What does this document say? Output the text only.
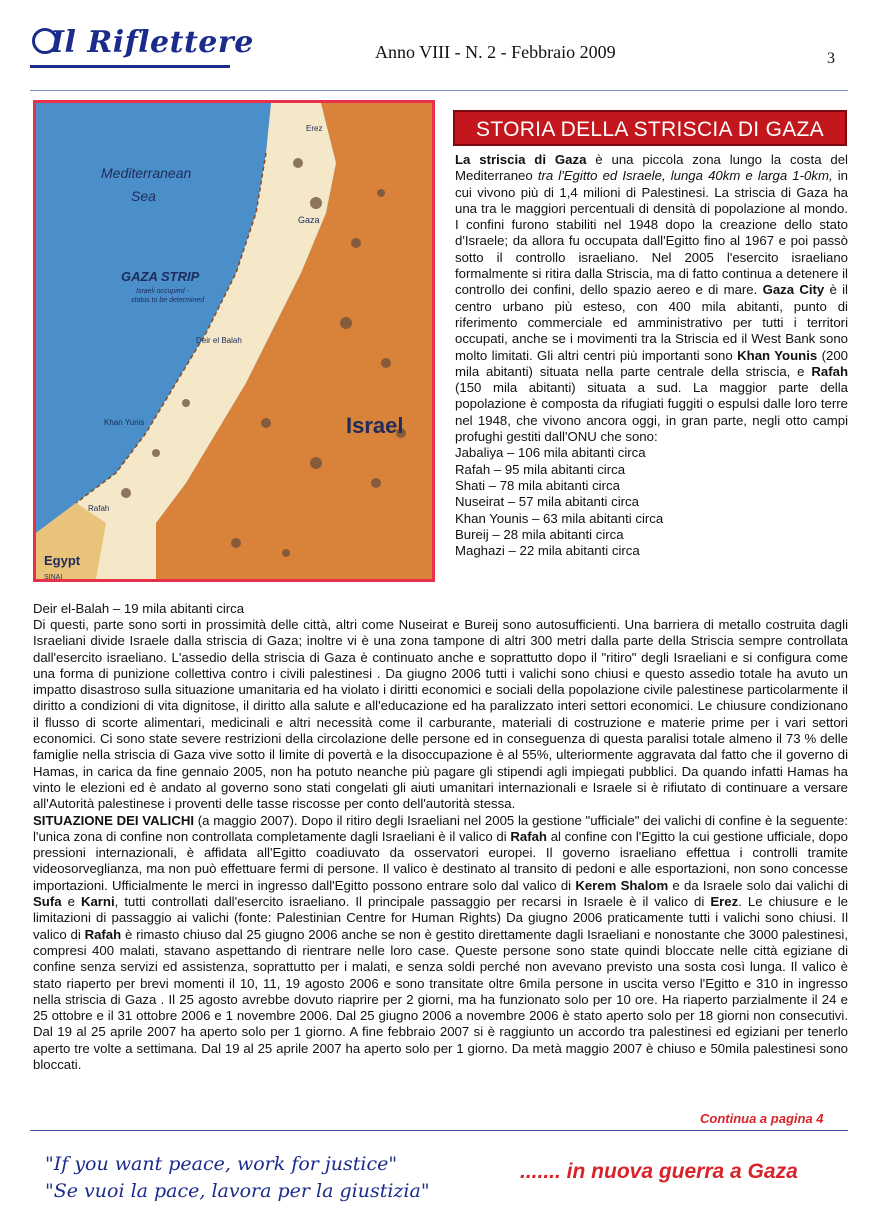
Il Riflettere	Anno VIII - N. 2 - Febbraio 2009	3
Mediterranean
Sea
GAZA STRIP
Israeli occupied -
status to be determined
Israel
Egypt
SINAI
Gaza
Erez
Deir el Balah
Khan Yunis
Rafah
STORIA DELLA STRISCIA DI GAZA

La striscia di Gaza è una piccola zona lungo la costa del Mediterraneo tra l'Egitto ed Israele, lunga 40km e larga 1-0km, in cui vivono più di 1,4 milioni di Palestinesi. La striscia di Gaza ha una tra le maggiori percentuali di densità di popolazione al mondo. I confini furono stabiliti nel 1948 dopo la creazione dello stato d'Israele; da allora fu occupata dall'Egitto fino al 1967 e poi passò sotto il controllo israeliano. Nel 2005 l'esercito israeliano formalmente si ritira dalla Striscia, ma di fatto continua a detenere il controllo dei confini, dello spazio aereo e di mare. Gaza City è il centro urbano più esteso, con 400 mila abitanti, punto di riferimento commerciale ed amministrativo per tutti i territori occupati, anche se i movimenti tra la Striscia ed il West Bank sono molto limitati. Gli altri centri più importanti sono Khan Younis (200 mila abitanti) situata nella parte centrale della striscia, e Rafah (150 mila abitanti) situata a sud. La maggior parte della popolazione è composta da rifugiati fuggiti o espulsi dalle loro terre nel 1948, che vivono ancora oggi, in gran parte, negli otto campi profughi gestiti dall'ONU che sono:

Jabaliya – 106 mila abitanti circa
Rafah – 95 mila abitanti circa
Shati – 78 mila abitanti circa
Nuseirat – 57 mila abitanti circa
Khan Younis – 63 mila abitanti circa
Bureij – 28 mila abitanti circa
Maghazi – 22 mila abitanti circa
Deir el-Balah – 19 mila abitanti circa

Di questi, parte sono sorti in prossimità delle città, altri come Nuseirat e Bureij sono autosufficienti. Una barriera di metallo costruita dagli Israeliani divide Israele dalla striscia di Gaza; inoltre vi è una zona tampone di altri 300 metri dalla parte della Striscia sempre controllata dall'esercito israeliano. L'assedio della striscia di Gaza è continuato anche e soprattutto dopo il "ritiro" degli Israeliani e si configura come una forma di punizione collettiva contro i civili palestinesi . Da giugno 2006 tutti i valichi sono chiusi e questo assedio totale ha avuto un impatto disastroso sulla situazione umanitaria ed ha violato i diritti economici e sociali della popolazione civile palestinese particolarmente il diritto a condizioni di vita dignitose, il diritto alla salute e all'educazione ed ha paralizzato interi settori economici. Le chiusure condizionano il flusso di scorte alimentari, medicinali e altri necessità come il carburante, materiali di costruzione e materie prime per i vari settori economici. Ci sono state severe restrizioni della circolazione delle persone ed in conseguenza di questa paralisi totale almeno il 73 % delle famiglie nella striscia di Gaza vive sotto il limite di povertà e la disoccupazione è al 55%, ulteriormente aggravata dal fatto che il governo di Hamas, in carica da fine gennaio 2005, non ha potuto neanche più pagare gli stipendi agli impiegati pubblici. Da quando infatti Hamas ha vinto le elezioni ed è andato al governo sono stati congelati gli aiuti umanitari internazionali e Israele si è rifiutato di continuare a versare all'Autorità palestinese i proventi delle tasse riscosse per conto dell'autorità stessa.

SITUAZIONE DEI VALICHI (a maggio 2007). Dopo il ritiro degli Israeliani nel 2005 la gestione "ufficiale" dei valichi di confine è la seguente: l'unica zona di confine non controllata completamente dagli Israeliani è il valico di Rafah al confine con l'Egitto la cui gestione ufficiale, dopo pressioni internazionali, è affidata all'Egitto coadiuvato da osservatori europei. Il governo israeliano effettua i controlli tramite videosorveglianza, ma non può effettuare fermi di persone. Il valico è destinato al transito di pedoni e alle esportazioni, non sono concesse importazioni. Ufficialmente le merci in ingresso dall'Egitto possono entrare solo dal valico di Kerem Shalom e da Israele solo dai valichi di Sufa e Karni, tutti controllati dall'esercito israeliano. Il principale passaggio per recarsi in Israele è il valico di Erez. Le chiusure e le limitazioni di passaggio ai valichi (fonte: Palestinian Centre for Human Rights) Da giugno 2006 praticamente tutti i valichi sono chiusi. Il valico di Rafah è rimasto chiuso dal 25 giugno 2006 anche se non è gestito direttamente dagli Israeliani e nonostante che 3000 palestinesi, compresi 400 malati, stavano aspettando di rientrare nelle loro case. Queste persone sono state quindi bloccate nelle città egiziane di confine senza servizi ed assistenza, soprattutto per i malati, e senza soldi perché non avevano previsto una sosta così lunga. Il valico è stato riaperto per brevi momenti il 10, 11, 19 agosto 2006 e sono transitate oltre 6mila persone in uscita verso l'Egitto e 310 in ingresso nella striscia di Gaza . Il 25 agosto avrebbe dovuto riaprire per 2 giorni, ma ha funzionato solo per 10 ore. Ha riaperto parzialmente il 24 e 25 ottobre e il 31 ottobre 2006 e 1 novembre 2006. Dal 25 giugno 2006 a novembre 2006 è stato aperto solo per 18 giorni non consecutivi. Dal 19 al 25 aprile 2007 ha aperto solo per 1 giorno. A fine febbraio 2007 si è raggiunto un accordo tra palestinesi ed egiziani per tenerlo aperto tre volte a settimana. Dal 19 al 25 aprile 2007 ha aperto solo per 1 giorno. Da metà maggio 2007 è chiuso e 50mila palestinesi sono bloccati.

Continua a pagina 4
"If you want peace, work for justice"
"Se vuoi la pace, lavora per la giustizia"
....... in nuova guerra a Gaza
